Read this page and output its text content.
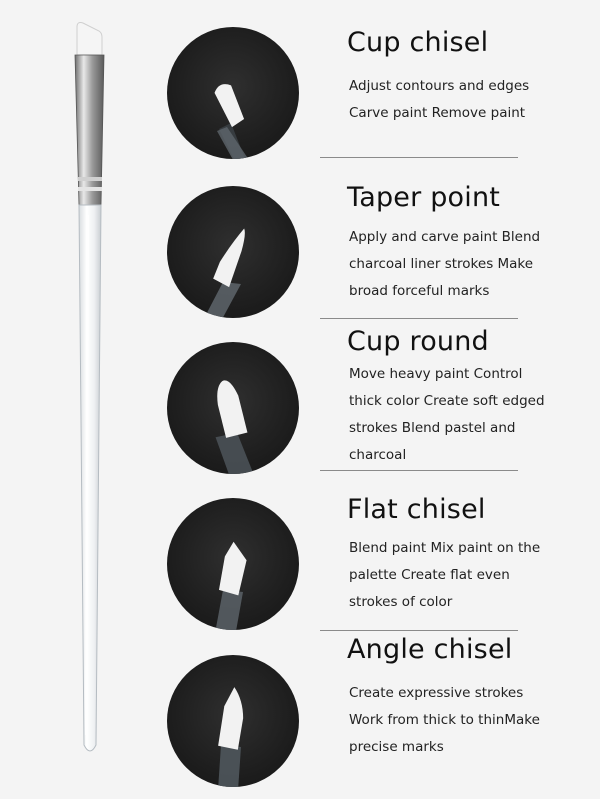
Cup chisel

Adjust contours and edges

Carve paint Remove paint

Taper point

Apply and carve paint Blend

charcoal liner strokes Make

broad forceful marks

Cup round

Move heavy paint Control

thick color Create soft edged

strokes Blend pastel and

charcoal

Flat chisel

Blend paint Mix paint on the

palette Create flat even

strokes of color

Angle chisel

Create expressive strokes

Work from thick to thinMake

precise marks
